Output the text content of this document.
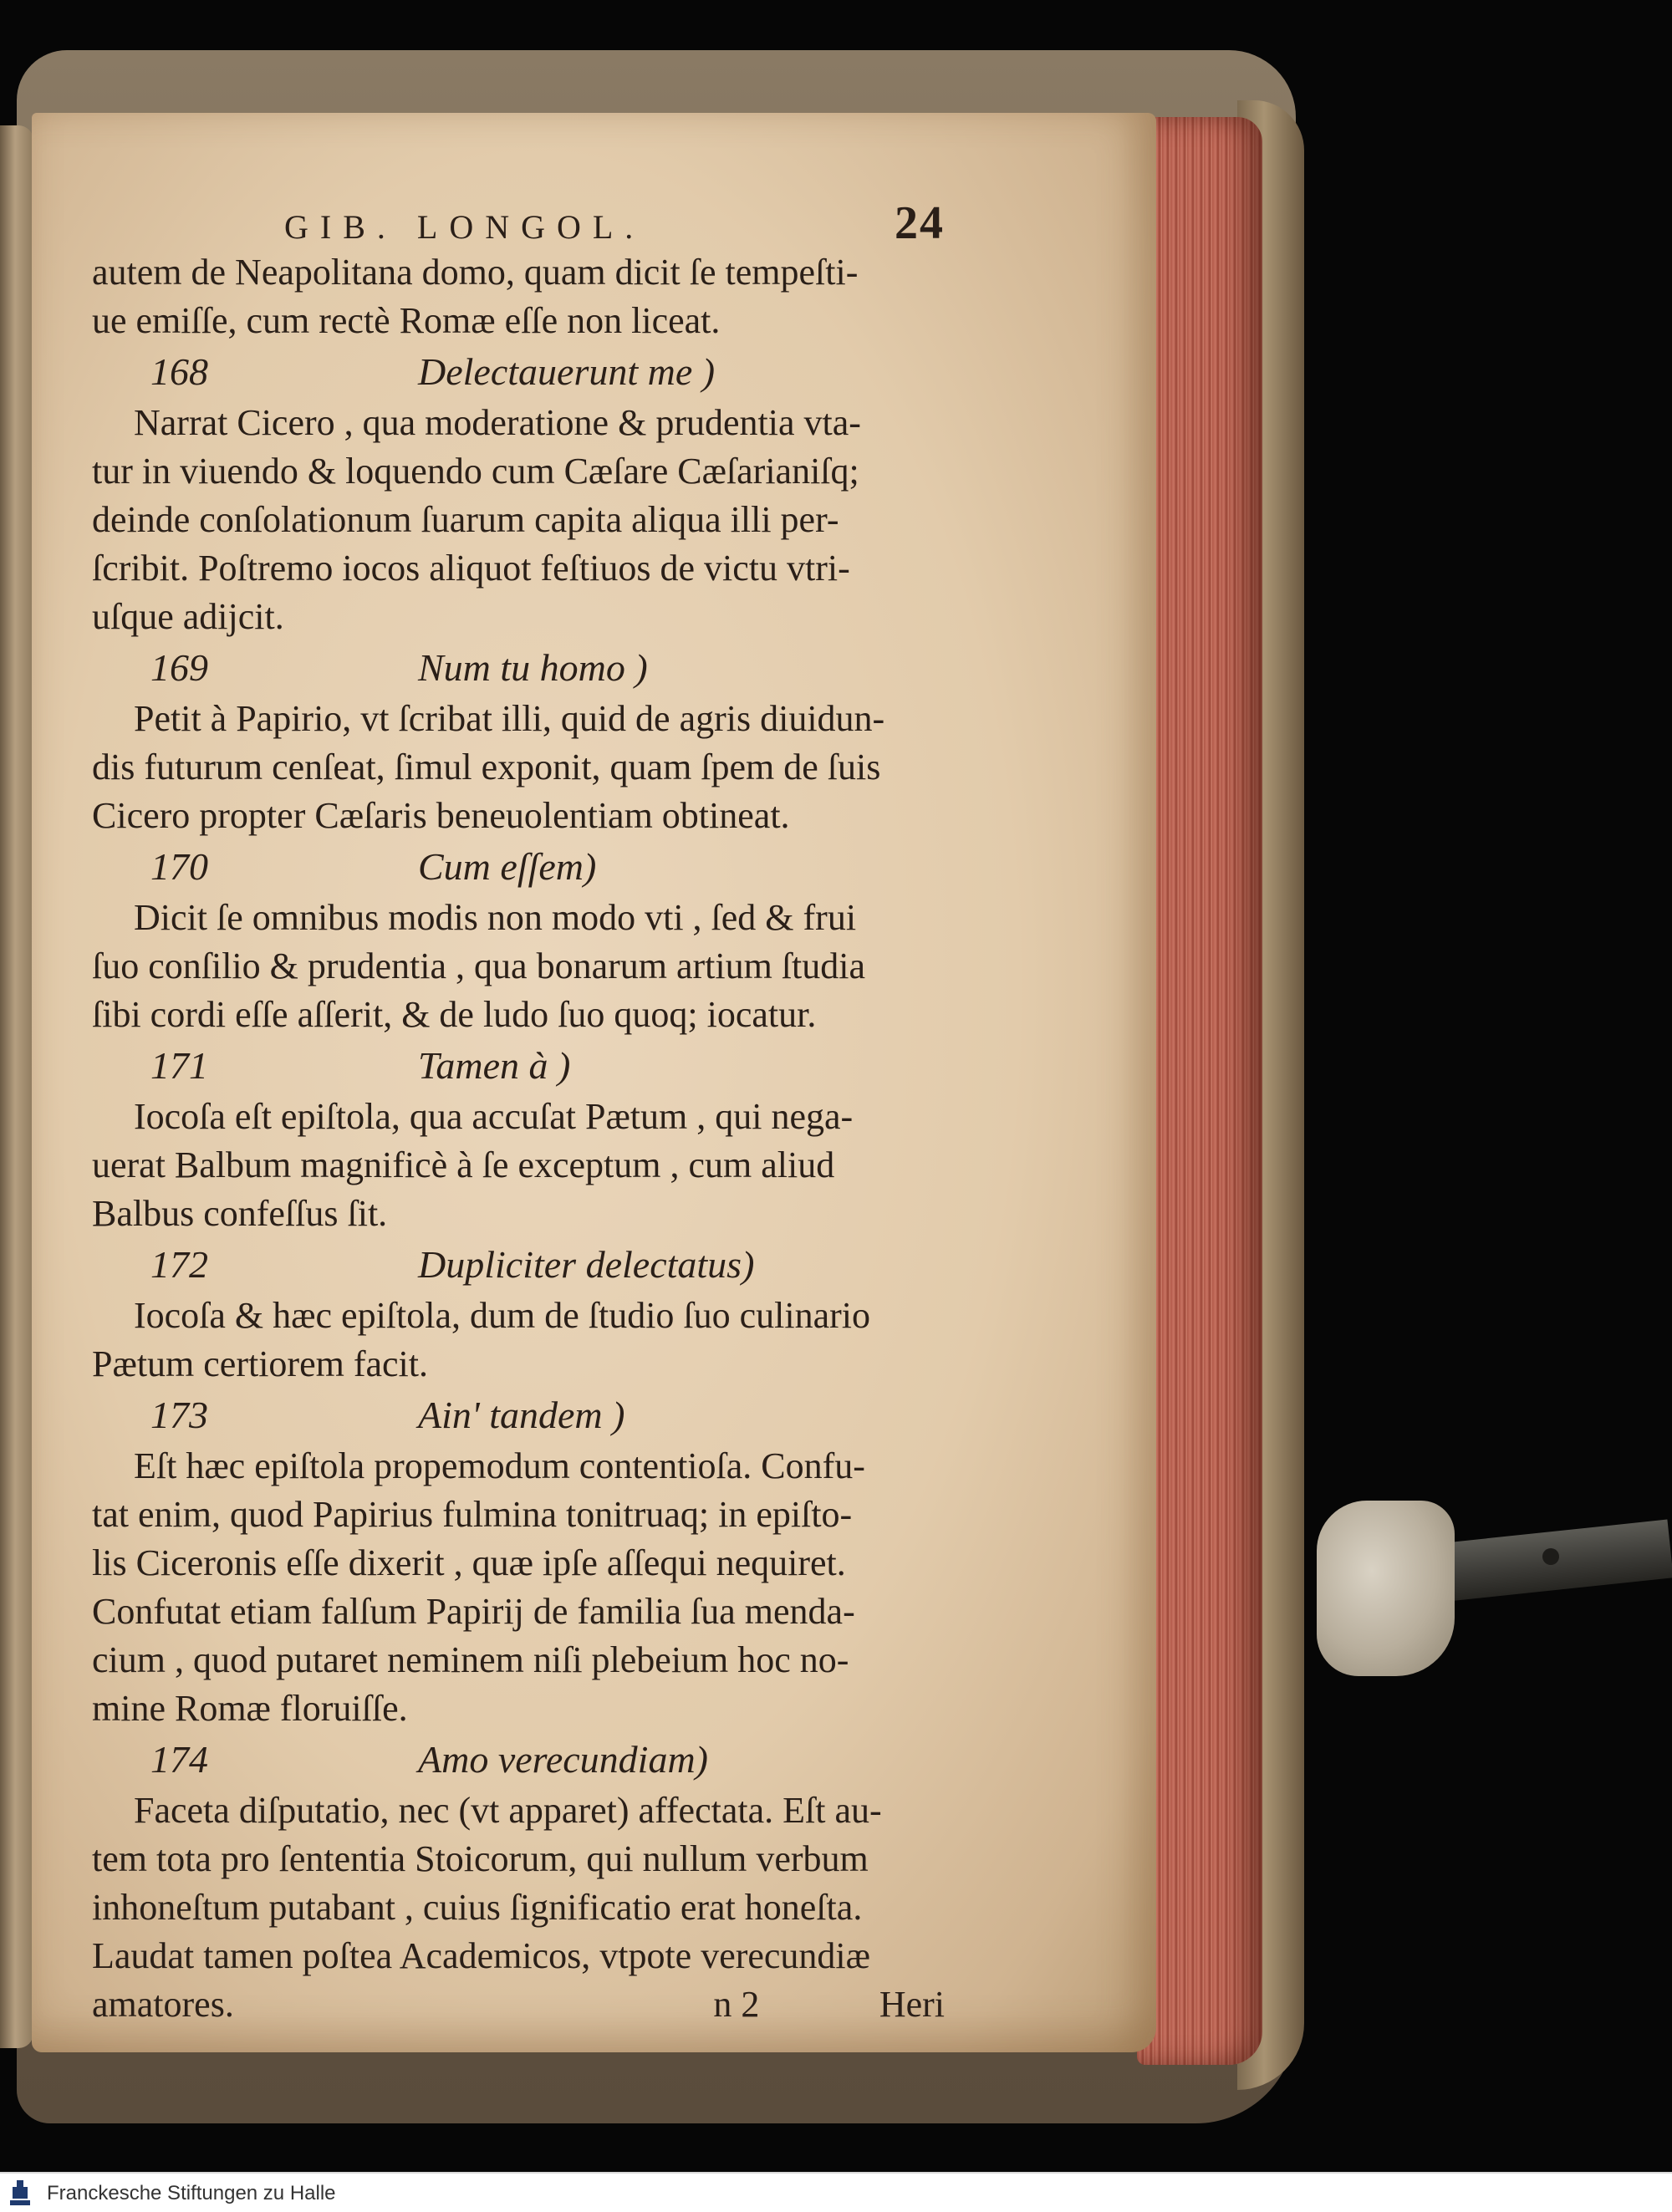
GIB. LONGOL.	24
autem de Neapolitana domo, quam dicit ſe tempeſti-
ue emiſſe, cum rectè Romæ eſſe non liceat.
168	Delectauerunt me )
Narrat Cicero , qua moderatione & prudentia vta-
tur in viuendo & loquendo cum Cæſare Cæſarianiſq;
deinde conſolationum ſuarum capita aliqua illi per-
ſcribit. Poſtremo iocos aliquot feſtiuos de victu vtri-
uſque adijcit.
169	Num tu homo )
Petit à Papirio, vt ſcribat illi, quid de agris diuidun-
dis futurum cenſeat, ſimul exponit, quam ſpem de ſuis
Cicero propter Cæſaris beneuolentiam obtineat.
170	Cum eſſem)
Dicit ſe omnibus modis non modo vti , ſed & frui
ſuo conſilio & prudentia , qua bonarum artium ſtudia
ſibi cordi eſſe aſſerit, & de ludo ſuo quoq; iocatur.
171	Tamen à )
Iocoſa eſt epiſtola, qua accuſat Pætum , qui nega-
uerat Balbum magnificè à ſe exceptum , cum aliud
Balbus confeſſus ſit.
172	Dupliciter delectatus)
Iocoſa & hæc epiſtola, dum de ſtudio ſuo culinario
Pætum certiorem facit.
173	Ain' tandem )
Eſt hæc epiſtola propemodum contentioſa. Confu-
tat enim, quod Papirius fulmina tonitruaq; in epiſto-
lis Ciceronis eſſe dixerit , quæ ipſe aſſequi nequiret.
Confutat etiam falſum Papirij de familia ſua menda-
cium , quod putaret neminem niſi plebeium hoc no-
mine Romæ floruiſſe.
174	Amo verecundiam)
Faceta diſputatio, nec (vt apparet) affectata. Eſt au-
tem tota pro ſententia Stoicorum, qui nullum verbum
inhoneſtum putabant , cuius ſignificatio erat honeſta.
Laudat tamen poſtea Academicos, vtpote verecundiæ
amatores.	n 2	Heri
Franckesche Stiftungen zu Halle
